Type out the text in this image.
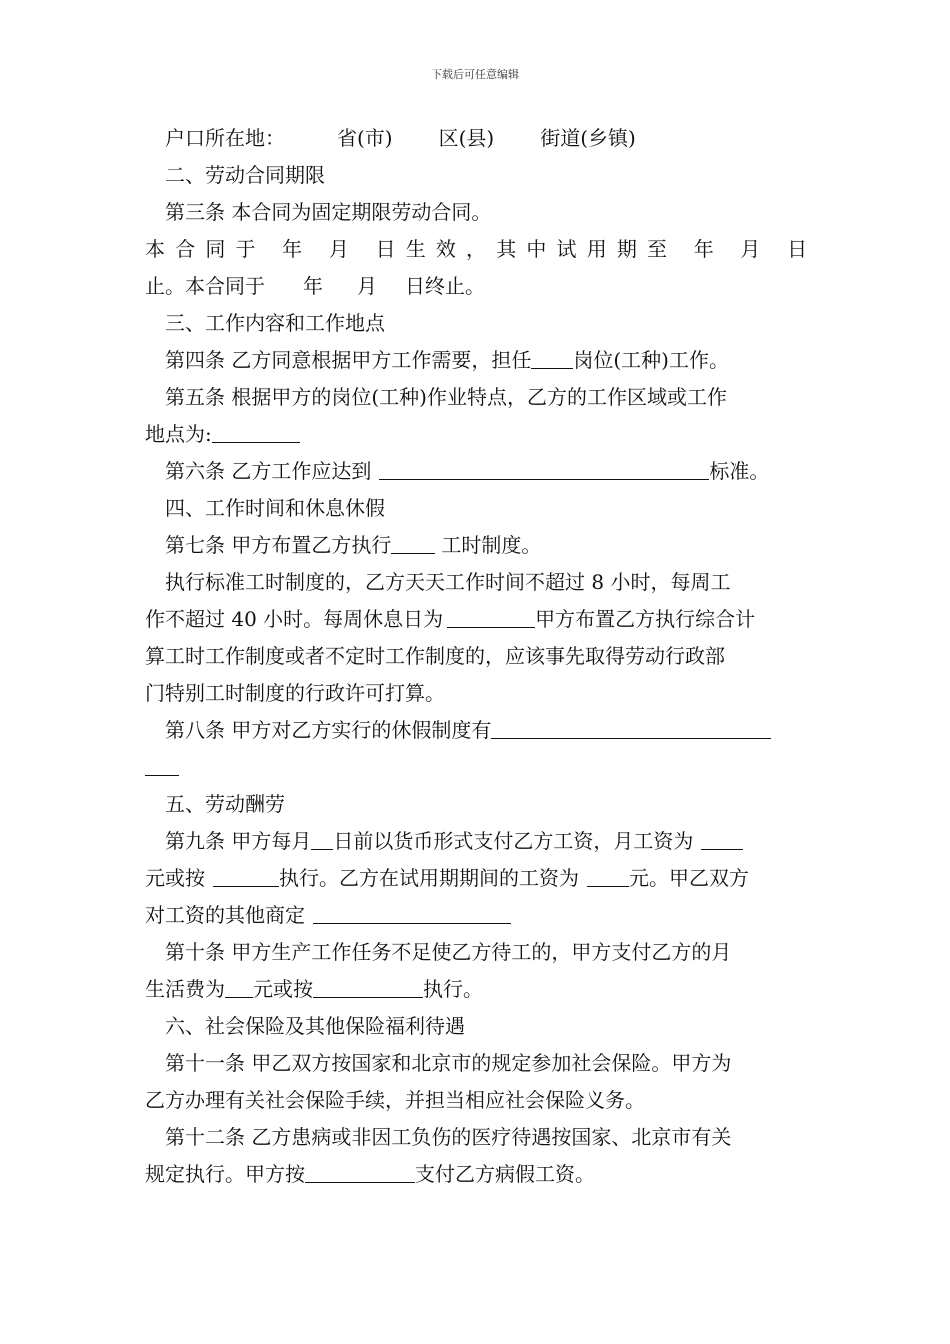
下载后可任意编辑
户口所在地：	省(市) 区(县) 街道(乡镇)
二、劳动合同期限
第三条 本合同为固定期限劳动合同。
本合同于 年 月 日生效，其中试用期至 年 月 日
止。本合同于 年 月 日终止。
三、工作内容和工作地点
第四条 乙方同意根据甲方工作需要，担任 岗位(工种)工作。
第五条 根据甲方的岗位(工种)作业特点，乙方的工作区域或工作
地点为:
第六条 乙方工作应达到	标准。
四、工作时间和休息休假
第七条 甲方布置乙方执行	工时制度。
执行标准工时制度的，乙方天天工作时间不超过 8 小时，每周工
作不超过 40 小时。每周休息日为	甲方布置乙方执行综合计
算工时工作制度或者不定时工作制度的，应该事先取得劳动行政部
门特别工时制度的行政许可打算。
第八条 甲方对乙方实行的休假制度有
五、劳动酬劳
第九条 甲方每月 日前以货币形式支付乙方工资，月工资为
元或按	执行。乙方在试用期期间的工资为	元。甲乙双方
对工资的其他商定
第十条 甲方生产工作任务不足使乙方待工的，甲方支付乙方的月
生活费为 元或按	执行。
六、社会保险及其他保险福利待遇
第十一条 甲乙双方按国家和北京市的规定参加社会保险。甲方为
乙方办理有关社会保险手续，并担当相应社会保险义务。
第十二条 乙方患病或非因工负伤的医疗待遇按国家、北京市有关
规定执行。甲方按	支付乙方病假工资。
